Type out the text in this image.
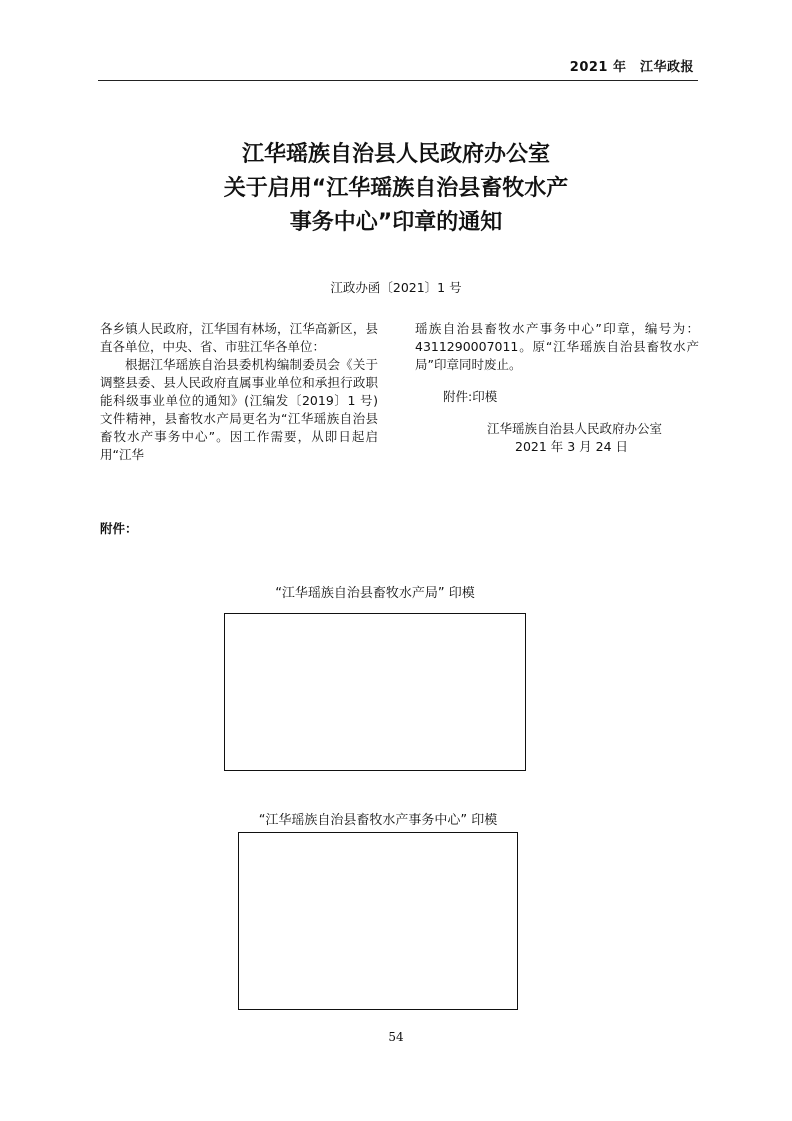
2021 年　江华政报
江华瑶族自治县人民政府办公室
关于启用“江华瑶族自治县畜牧水产
事务中心”印章的通知
江政办函〔2021〕1 号

各乡镇人民政府，江华国有林场，江华高新区，县直各单位，中央、省、市驻江华各单位：

根据江华瑶族自治县委机构编制委员会《关于调整县委、县人民政府直属事业单位和承担行政职能科级事业单位的通知》(江编发〔2019〕1 号)文件精神，县畜牧水产局更名为“江华瑶族自治县畜牧水产事务中心”。因工作需要，从即日起启用“江华

瑶族自治县畜牧水产事务中心”印章，编号为：4311290007011。原“江华瑶族自治县畜牧水产局”印章同时废止。

附件:印模

江华瑶族自治县人民政府办公室

2021 年 3 月 24 日

附件：
“江华瑶族自治县畜牧水产局” 印模
“江华瑶族自治县畜牧水产事务中心” 印模
54
